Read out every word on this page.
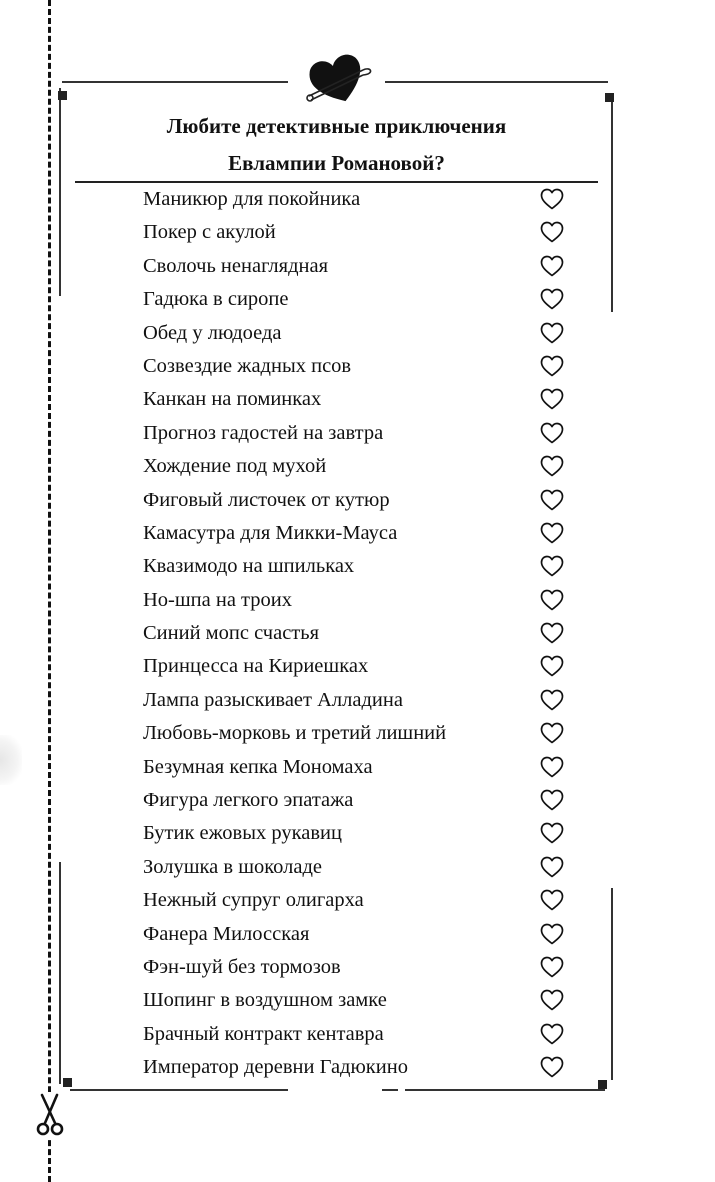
Любите детективные приключения
Евлампии Романовой?
Маникюр для покойника
Покер с акулой
Сволочь ненаглядная
Гадюка в сиропе
Обед у людоеда
Созвездие жадных псов
Канкан на поминках
Прогноз гадостей на завтра
Хождение под мухой
Фиговый листочек от кутюр
Камасутра для Микки-Мауса
Квазимодо на шпильках
Но-шпа на троих
Синий мопс счастья
Принцесса на Кириешках
Лампа разыскивает Алладина
Любовь-морковь и третий лишний
Безумная кепка Мономаха
Фигура легкого эпатажа
Бутик ежовых рукавиц
Золушка в шоколаде
Нежный супруг олигарха
Фанера Милосская
Фэн-шуй без тормозов
Шопинг в воздушном замке
Брачный контракт кентавра
Император деревни Гадюкино
